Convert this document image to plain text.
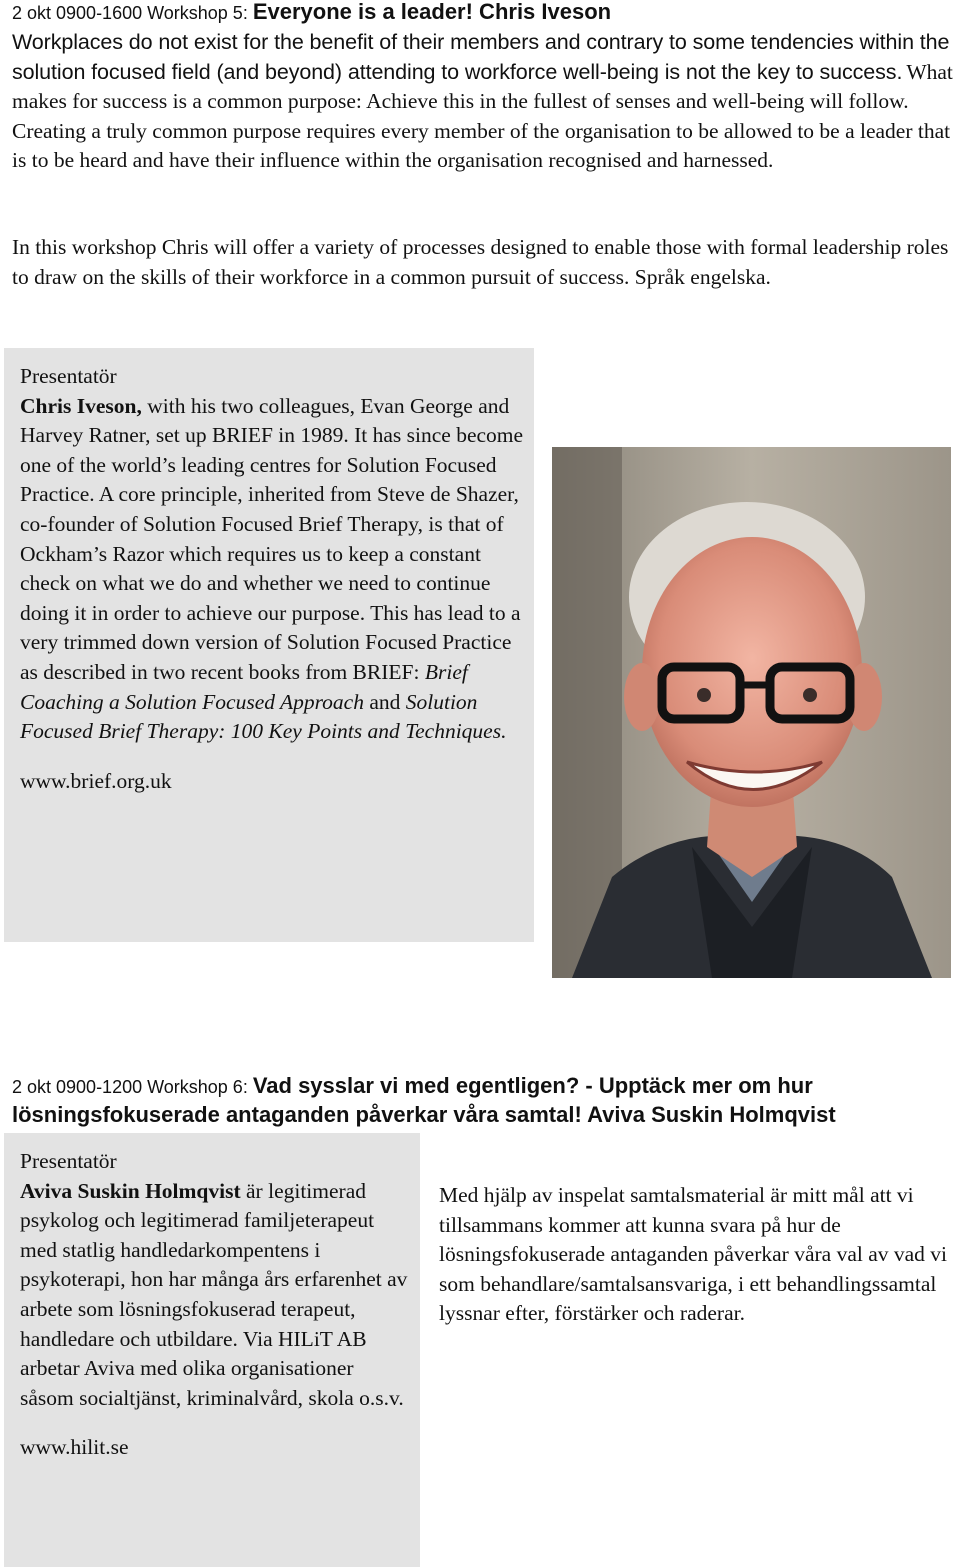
2 okt 0900-1600 Workshop 5: Everyone is a leader! Chris Iveson
Workplaces do not exist for the benefit of their members and contrary to some tendencies within the solution focused field (and beyond) attending to workforce well-being is not the key to success. What makes for success is a common purpose: Achieve this in the fullest of senses and well-being will follow. Creating a truly common purpose requires every member of the organisation to be allowed to be a leader that is to be heard and have their influence within the organisation recognised and harnessed.
In this workshop Chris will offer a variety of processes designed to enable those with formal leadership roles to draw on the skills of their workforce in a common pursuit of success. Språk engelska.
Presentatör
Chris Iveson, with his two colleagues, Evan George and Harvey Ratner, set up BRIEF in 1989. It has since become one of the world’s leading centres for Solution Focused Practice. A core principle, inherited from Steve de Shazer, co-founder of Solution Focused Brief Therapy, is that of Ockham’s Razor which requires us to keep a constant check on what we do and whether we need to continue doing it in order to achieve our purpose. This has lead to a very trimmed down version of Solution Focused Practice as described in two recent books from BRIEF: Brief Coaching a Solution Focused Approach and Solution Focused Brief Therapy: 100 Key Points and Techniques.
www.brief.org.uk
2 okt 0900-1200 Workshop 6: Vad sysslar vi med egentligen? - Upptäck mer om hur
lösningsfokuserade antaganden påverkar våra samtal! Aviva Suskin Holmqvist
Presentatör
Aviva Suskin Holmqvist är legitimerad psykolog och legitimerad familjeterapeut med statlig handledarkompentens i psykoterapi, hon har många års erfarenhet av arbete som lösningsfokuserad terapeut, handledare och utbildare. Via HILiT AB arbetar Aviva med olika organisationer såsom socialtjänst, kriminalvård, skola o.s.v.
www.hilit.se
Med hjälp av inspelat samtalsmaterial är mitt mål att vi tillsammans kommer att kunna svara på hur de lösningsfokuserade antaganden påverkar våra val av vad vi som behandlare/samtalsansvariga, i ett behandlingssamtal lyssnar efter, förstärker och raderar.
